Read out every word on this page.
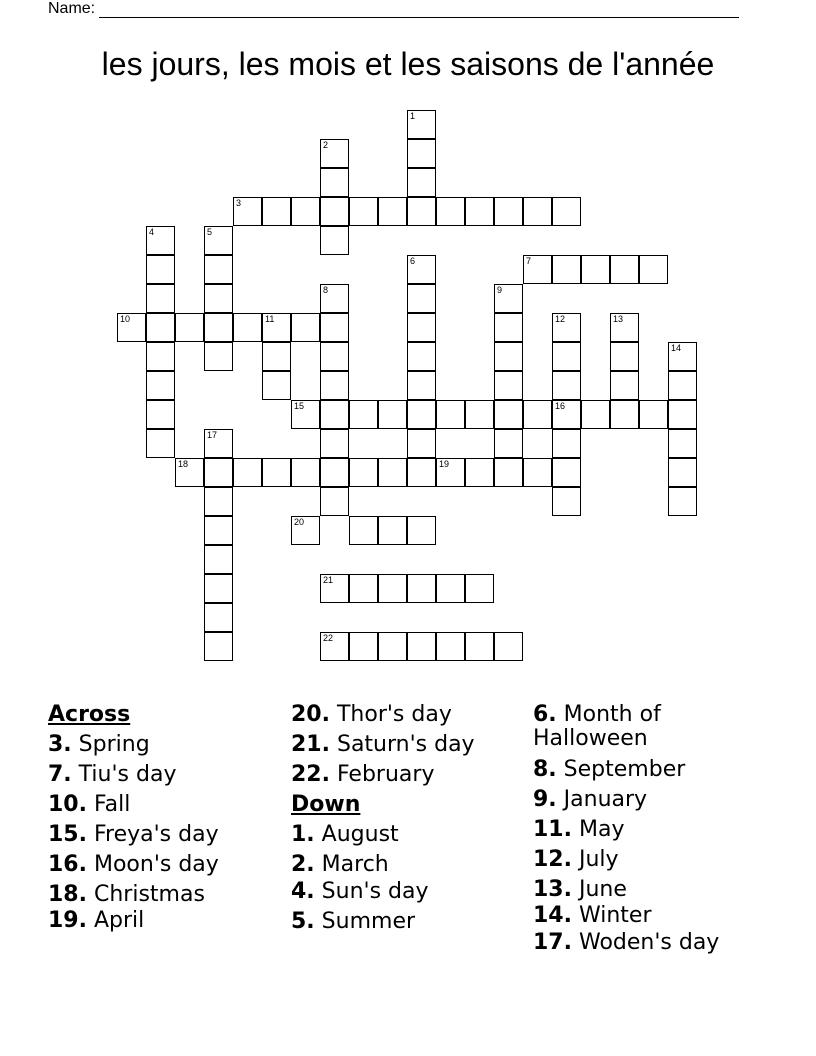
Name:
les jours, les mois et les saisons de l'année
1
2
3
4	5
6	7
8	9
10	11	12
16
13
14
15
17
18	19
20
21
22
Across
3. Spring
7. Tiu's day
10. Fall
15. Freya's day
16. Moon's day
18. Christmas
19. April
20. Thor's day
21. Saturn's day
22. February
Down
1. August
2. March
4. Sun's day
5. Summer
6. Month of Halloween
8. September
9. January
11. May
12. July
13. June
14. Winter
17. Woden's day
